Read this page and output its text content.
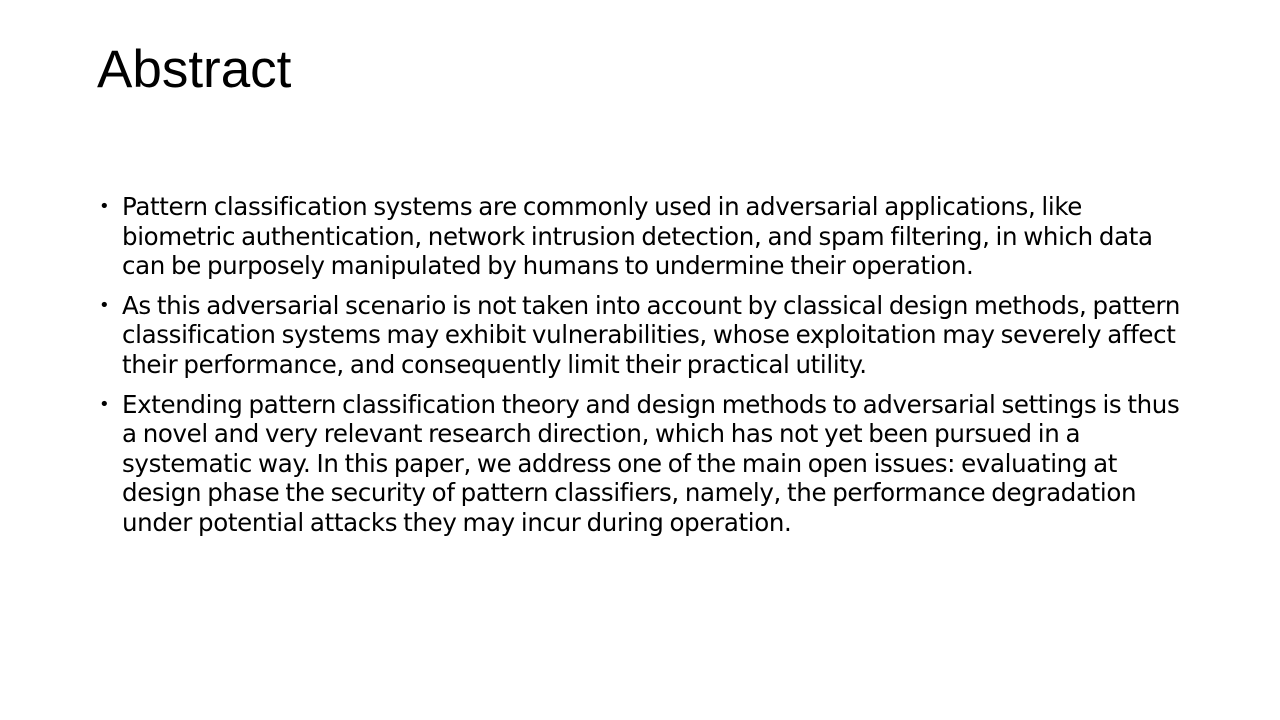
Abstract
• Pattern classification systems are commonly used in adversarial applications, like biometric authentication, network intrusion detection, and spam filtering, in which data can be purposely manipulated by humans to undermine their operation.
• As this adversarial scenario is not taken into account by classical design methods, pattern classification systems may exhibit vulnerabilities, whose exploitation may severely affect their performance, and consequently limit their practical utility.
• Extending pattern classification theory and design methods to adversarial settings is thus a novel and very relevant research direction, which has not yet been pursued in a systematic way. In this paper, we address one of the main open issues: evaluating at design phase the security of pattern classifiers, namely, the performance degradation under potential attacks they may incur during operation.
